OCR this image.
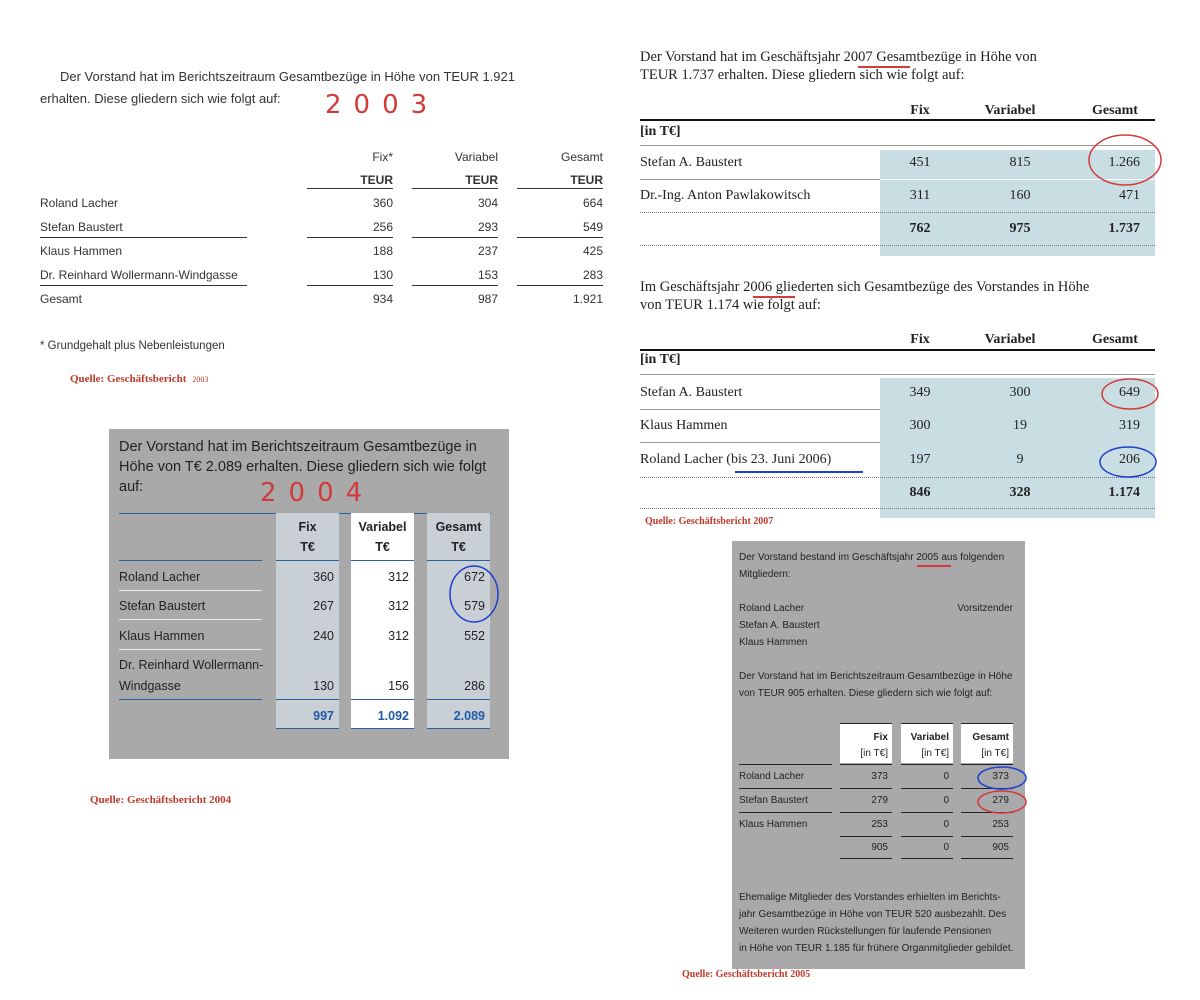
Der Vorstand hat im Berichtszeitraum Gesamtbezüge in Höhe von TEUR 1.921
erhalten. Diese gliedern sich wie folgt auf:	2003
Fix*	Variabel	Gesamt
TEUR	TEUR	TEUR
Roland Lacher	360	304	664
Stefan Baustert	256	293	549
Klaus Hammen	188	237	425
Dr. Reinhard Wollermann-Windgasse	130	153	283
Gesamt	934	987	1.921
* Grundgehalt plus Nebenleistungen
Quelle: Geschäftsbericht 2003
Der Vorstand hat im Berichtszeitraum Gesamtbezüge in Höhe von T€ 2.089 erhalten. Diese gliedern sich wie folgt auf:
Fix	Variabel	Gesamt
T€	T€	T€
Roland Lacher	360	312	672
Stefan Baustert	267	312	579
Klaus Hammen	240	312	552
Dr. Reinhard Wollermann-
Windgasse	130	156	286
997	1.092	2.089
2004
Quelle: Geschäftsbericht 2004
Der Vorstand hat im Geschäftsjahr 2007 Gesamtbezüge in Höhe von
TEUR 1.737 erhalten. Diese gliedern sich wie folgt auf:
Fix	Variabel	Gesamt
[in T€]
Stefan A. Baustert	451	815	1.266
Dr.-Ing. Anton Pawlakowitsch	311	160	471
762	975	1.737
Im Geschäftsjahr 2006 gliederten sich Gesamtbezüge des Vorstandes in Höhe
von TEUR 1.174 wie folgt auf:
Fix	Variabel	Gesamt
[in T€]
Stefan A. Baustert	349	300	649
Klaus Hammen	300	19	319
Roland Lacher (bis 23. Juni 2006)	197	9	206
846	328	1.174
Quelle: Geschäftsbericht 2007
Der Vorstand bestand im Geschäftsjahr 2005 aus folgenden
Mitgliedern:
Roland Lacher	Vorsitzender
Stefan A. Baustert
Klaus Hammen
Der Vorstand hat im Berichtszeitraum Gesamtbezüge in Höhe
von TEUR 905 erhalten. Diese gliedern sich wie folgt auf:
Fix	Variabel	Gesamt
[in T€]	[in T€]	[in T€]
Roland Lacher	373	0	373
Stefan Baustert	279	0	279
Klaus Hammen	253	0	253
905	0	905
Ehemalige Mitglieder des Vorstandes erhielten im Berichts-
jahr Gesamtbezüge in Höhe von TEUR 520 ausbezahlt. Des
Weiteren wurden Rückstellungen für laufende Pensionen
in Höhe von TEUR 1.185 für frühere Organmitglieder gebildet.
Quelle: Geschäftsbericht 2005
